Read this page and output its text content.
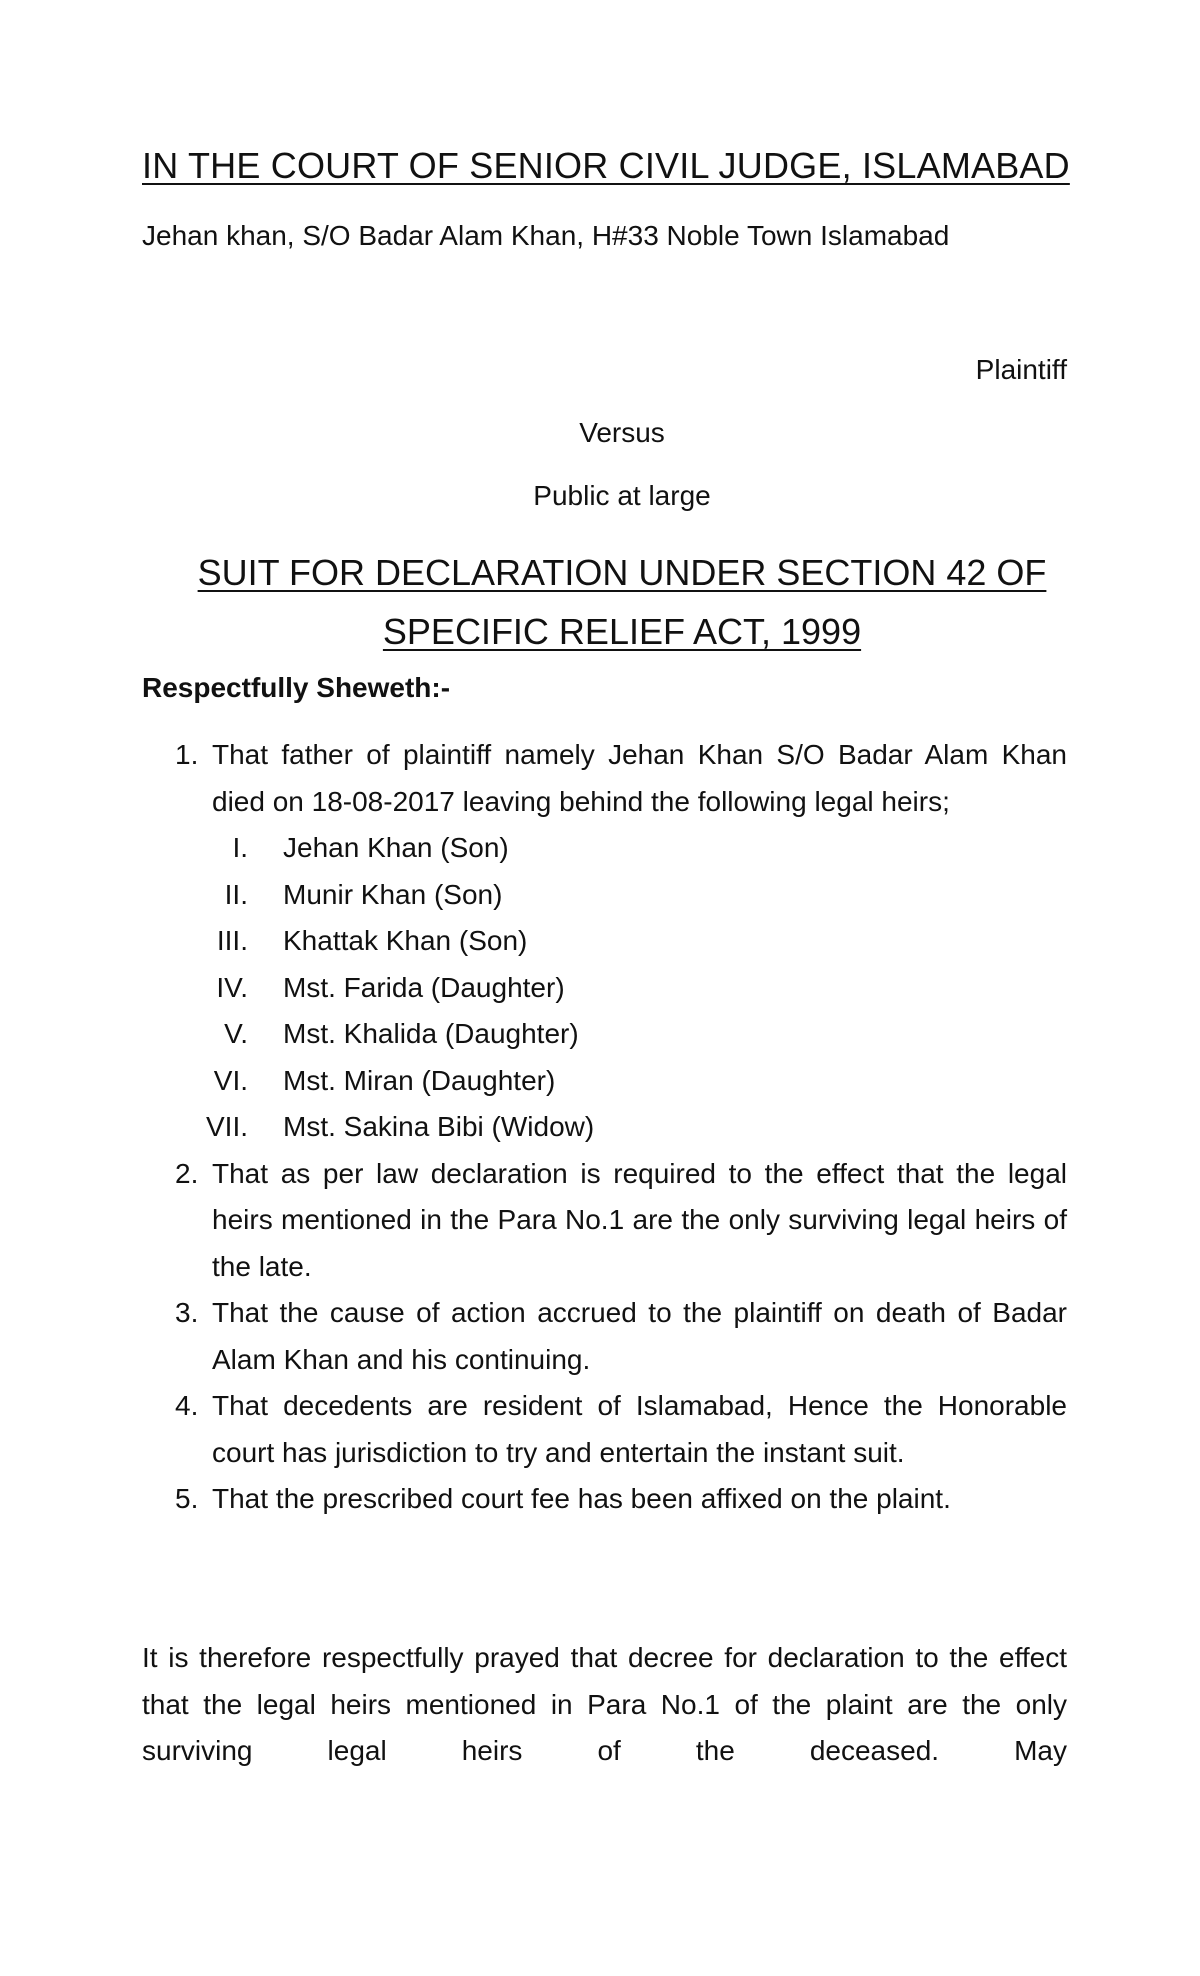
IN THE COURT OF SENIOR CIVIL JUDGE, ISLAMABAD
Jehan khan, S/O Badar Alam Khan, H#33 Noble Town Islamabad
Plaintiff
Versus
Public at large
SUIT FOR DECLARATION UNDER SECTION 42 OF
SPECIFIC RELIEF ACT, 1999
Respectfully Sheweth:-
1. That father of plaintiff namely Jehan Khan S/O Badar Alam Khan died on 18-08-2017 leaving behind the following legal heirs;
I. Jehan Khan (Son)
II. Munir Khan (Son)
III. Khattak Khan (Son)
IV. Mst. Farida (Daughter)
V. Mst. Khalida (Daughter)
VI. Mst. Miran (Daughter)
VII. Mst. Sakina Bibi (Widow)
2. That as per law declaration is required to the effect that the legal heirs mentioned in the Para No.1 are the only surviving legal heirs of the late.
3. That the cause of action accrued to the plaintiff on death of Badar Alam Khan and his continuing.
4. That decedents are resident of Islamabad, Hence the Honorable court has jurisdiction to try and entertain the instant suit.
5. That the prescribed court fee has been affixed on the plaint.
It is therefore respectfully prayed that decree for declaration to the effect that the legal heirs mentioned in Para No.1 of the plaint are the only surviving legal heirs of the deceased. May
